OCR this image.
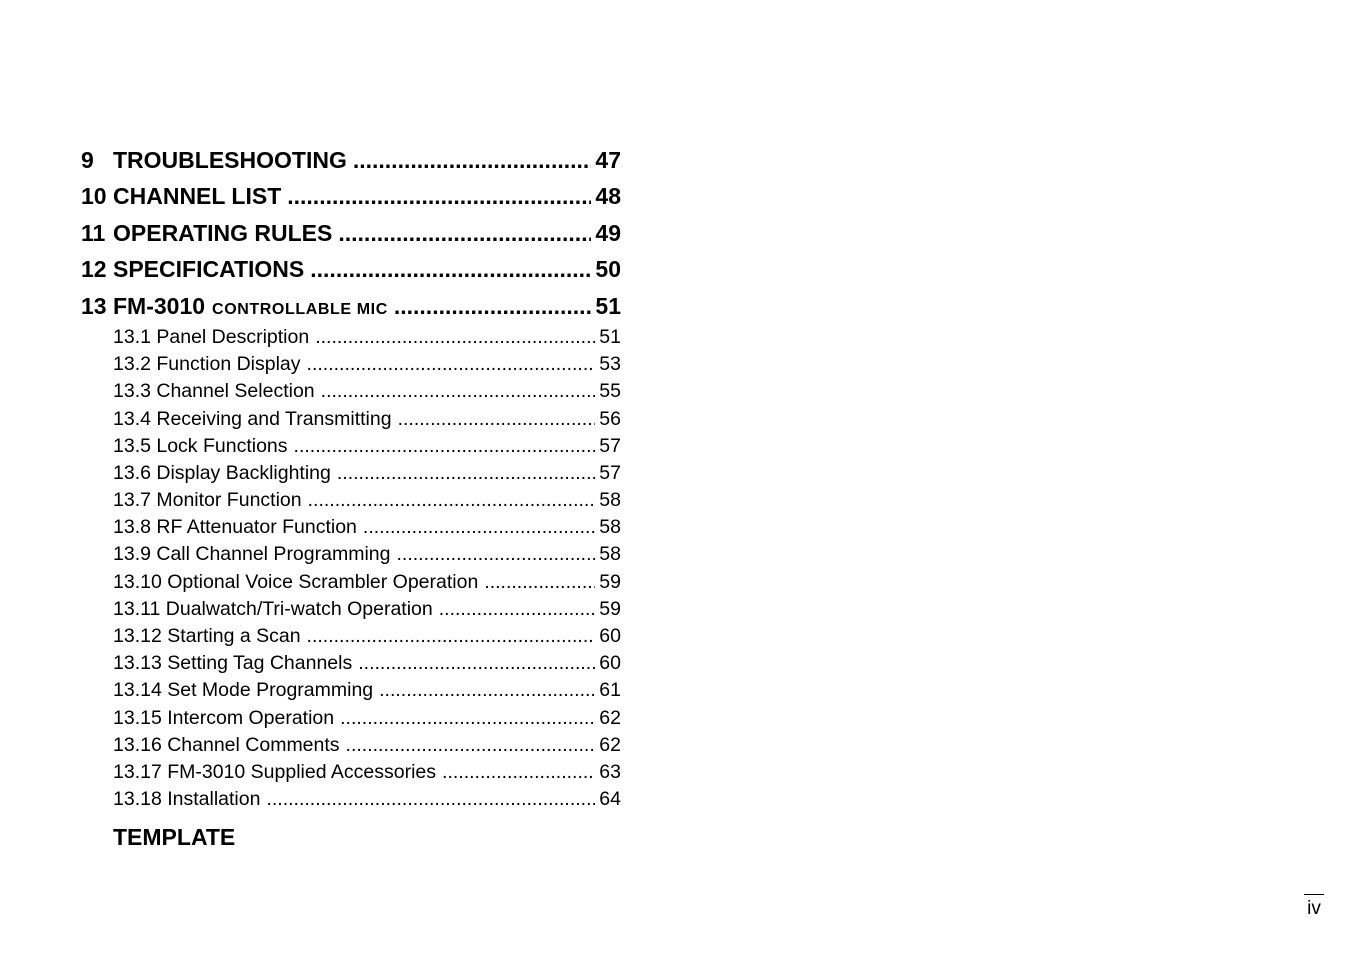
9 TROUBLESHOOTING .....	47
10 CHANNEL LIST .....	48
11 OPERATING RULES .....	49
12 SPECIFICATIONS .....	50
13 FM-3010 CONTROLLABLE MIC .....	51
13.1 Panel Description .....	51
13.2 Function Display .....	53
13.3 Channel Selection .....	55
13.4 Receiving and Transmitting .....	56
13.5 Lock Functions .....	57
13.6 Display Backlighting .....	57
13.7 Monitor Function .....	58
13.8 RF Attenuator Function .....	58
13.9 Call Channel Programming .....	58
13.10 Optional Voice Scrambler Operation .....	59
13.11 Dualwatch/Tri-watch Operation .....	59
13.12 Starting a Scan .....	60
13.13 Setting Tag Channels .....	60
13.14 Set Mode Programming .....	61
13.15 Intercom Operation .....	62
13.16 Channel Comments .....	62
13.17 FM-3010 Supplied Accessories .....	63
13.18 Installation .....	64
TEMPLATE
iv
